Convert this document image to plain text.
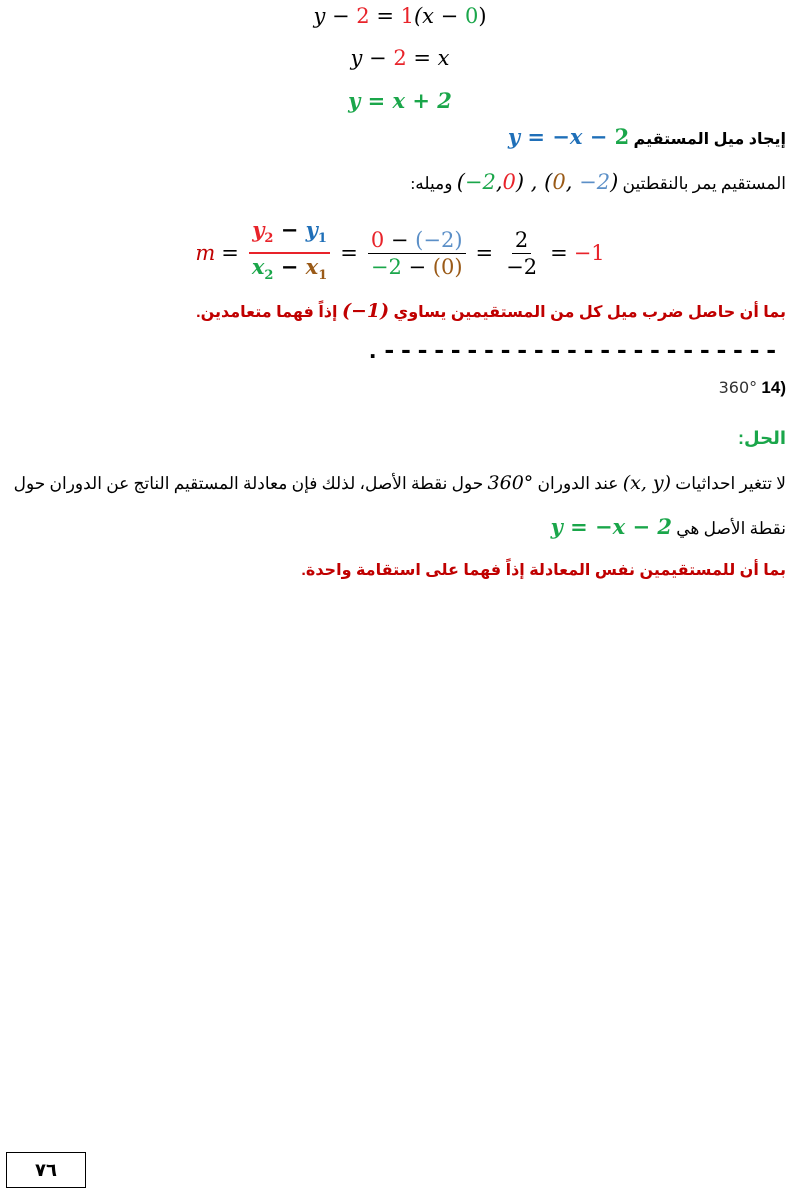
y − 2 = 1(x − 0)
y − 2 = x
y = x + 2
إيجاد ميل المستقيم y = −x − 2
المستقيم يمر بالنقطتين (−2,0) , (0, −2) وميله:
$m = \frac{y_2 - y_1}{x_2 - x_1} = \frac{0 - (-2)}{-2 - (0)} = \frac{2}{-2} = -1$
بما أن حاصل ضرب ميل كل من المستقيمين يساوي (−1) إذاً فهما متعامدين.
.------------------------
(14 360°
الحل:
لا تتغير احداثيات (x, y) عند الدوران 360° حول نقطة الأصل، لذلك فإن معادلة المستقيم الناتج عن الدوران حول
نقطة الأصل هي y = −x − 2
بما أن للمستقيمين نفس المعادلة إذاً فهما على استقامة واحدة.
٧٦
